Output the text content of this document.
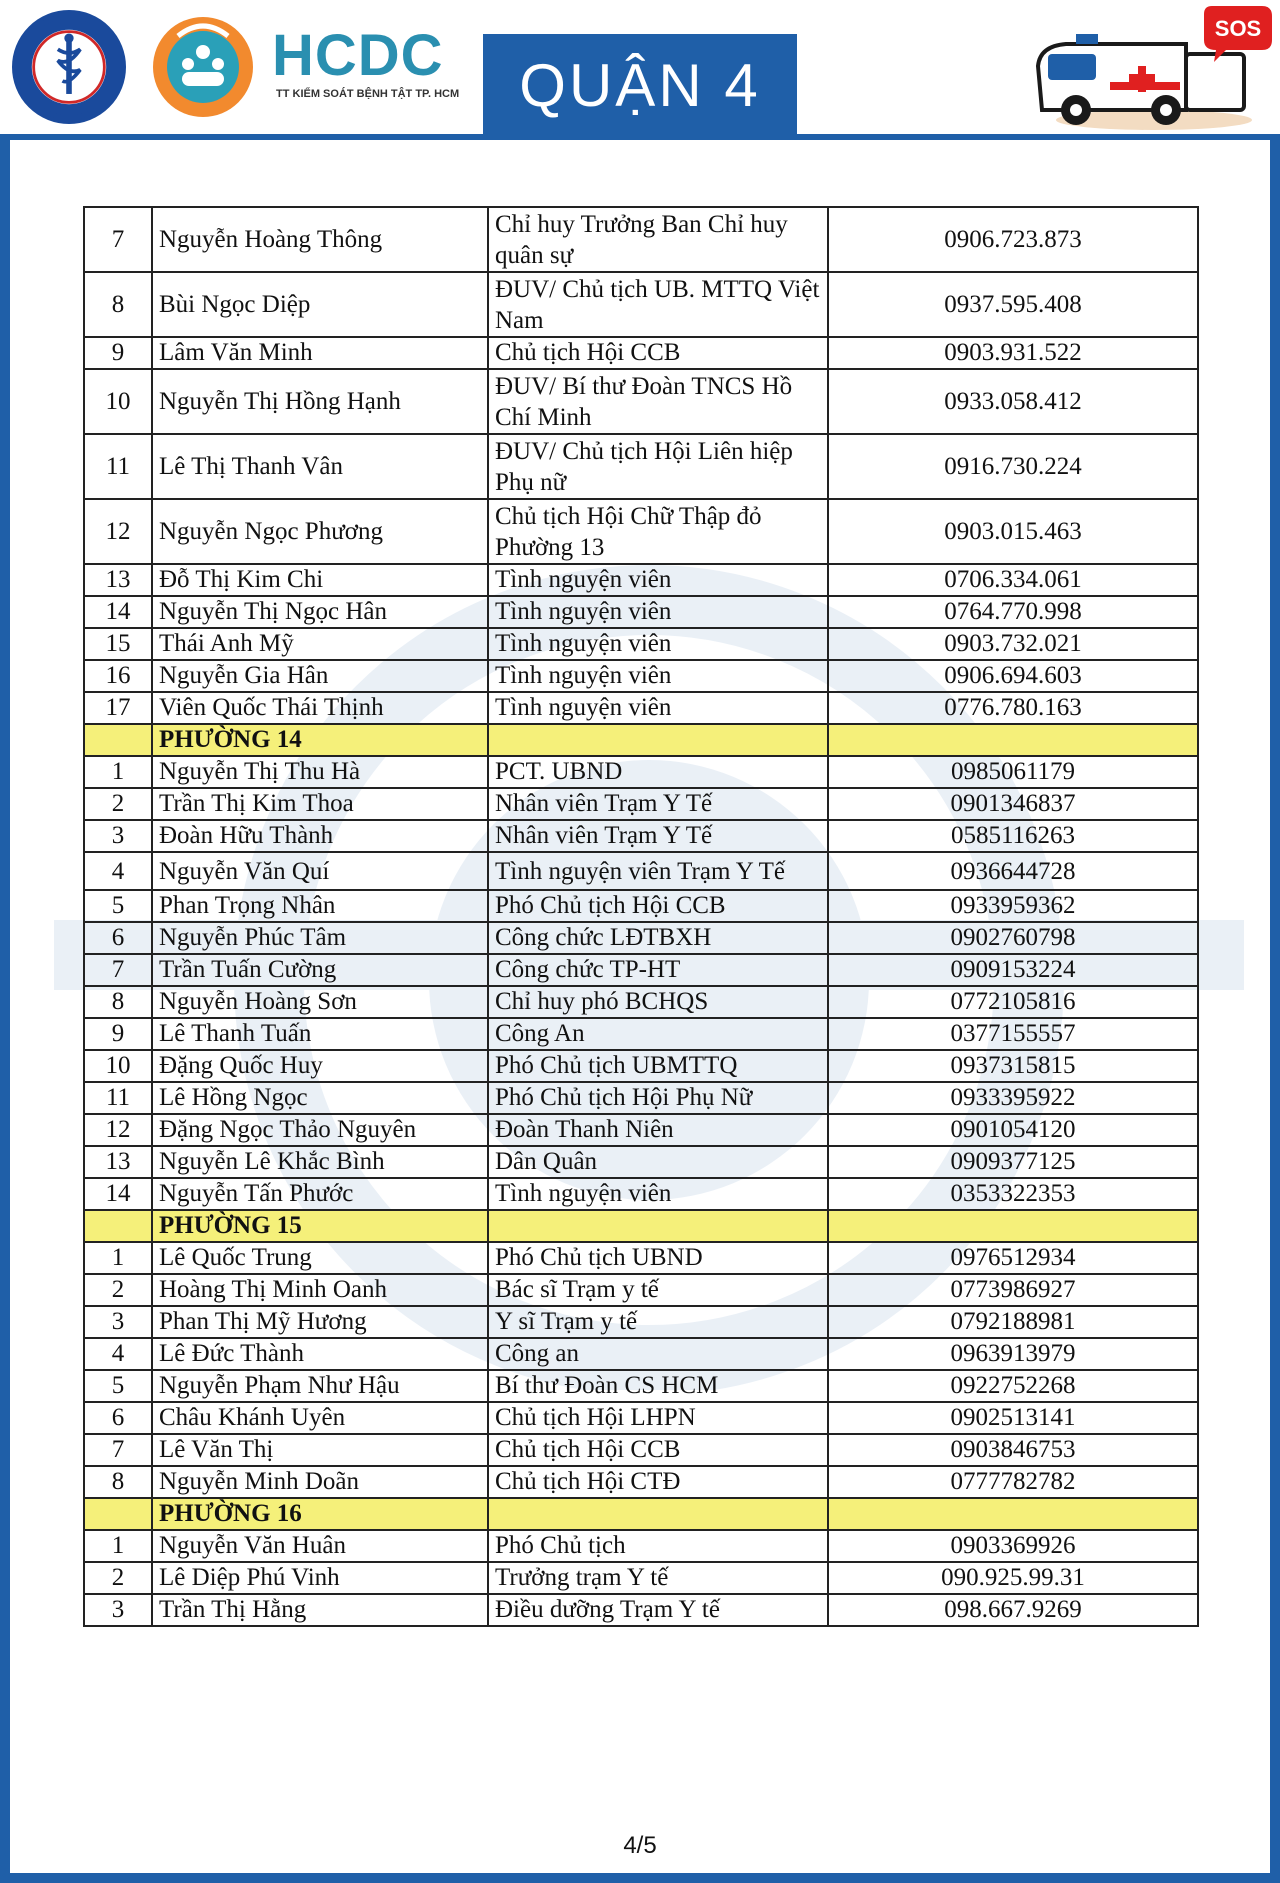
HCDC
TT KIỂM SOÁT BỆNH TẬT TP. HCM	QUẬN 4
SOS
7	Nguyễn Hoàng Thông	Chỉ huy Trưởng Ban Chỉ huy quân sự	0906.723.873
8	Bùi Ngọc Diệp	ĐUV/ Chủ tịch UB. MTTQ Việt Nam	0937.595.408
9	Lâm Văn Minh	Chủ tịch Hội CCB	0903.931.522
10	Nguyễn Thị Hồng Hạnh	ĐUV/ Bí thư Đoàn TNCS Hồ Chí Minh	0933.058.412
11	Lê Thị Thanh Vân	ĐUV/ Chủ tịch Hội Liên hiệp Phụ nữ	0916.730.224
12	Nguyễn Ngọc Phương	Chủ tịch Hội Chữ Thập đỏ Phường 13	0903.015.463
13	Đỗ Thị Kim Chi	Tình nguyện viên	0706.334.061
14	Nguyễn Thị Ngọc Hân	Tình nguyện viên	0764.770.998
15	Thái Anh Mỹ	Tình nguyện viên	0903.732.021
16	Nguyễn Gia Hân	Tình nguyện viên	0906.694.603
17	Viên Quốc Thái Thịnh	Tình nguyện viên	0776.780.163
	PHƯỜNG 14		
1	Nguyễn Thị Thu Hà	PCT. UBND	0985061179
2	Trần Thị Kim Thoa	Nhân viên Trạm Y Tế	0901346837
3	Đoàn Hữu Thành	Nhân viên Trạm Y Tế	0585116263
4	Nguyễn Văn Quí	Tình nguyện viên Trạm Y Tế	0936644728
5	Phan Trọng Nhân	Phó Chủ tịch Hội CCB	0933959362
6	Nguyễn Phúc Tâm	Công chức LĐTBXH	0902760798
7	Trần Tuấn Cường	Công chức TP-HT	0909153224
8	Nguyễn Hoàng Sơn	Chỉ huy phó BCHQS	0772105816
9	Lê Thanh Tuấn	Công An	0377155557
10	Đặng Quốc Huy	Phó Chủ tịch UBMTTQ	0937315815
11	Lê Hồng Ngọc	Phó Chủ tịch Hội Phụ Nữ	0933395922
12	Đặng Ngọc Thảo Nguyên	Đoàn Thanh Niên	0901054120
13	Nguyễn Lê Khắc Bình	Dân Quân	0909377125
14	Nguyễn Tấn Phước	Tình nguyện viên	0353322353
	PHƯỜNG 15		
1	Lê Quốc Trung	Phó Chủ tịch UBND	0976512934
2	Hoàng Thị Minh Oanh	Bác sĩ Trạm y tế	0773986927
3	Phan Thị Mỹ Hương	Y sĩ Trạm y tế	0792188981
4	Lê Đức Thành	Công an	0963913979
5	Nguyễn Phạm Như Hậu	Bí thư Đoàn CS HCM	0922752268
6	Châu Khánh Uyên	Chủ tịch Hội LHPN	0902513141
7	Lê Văn Thị	Chủ tịch Hội CCB	0903846753
8	Nguyễn Minh Doãn	Chủ tịch Hội CTĐ	0777782782
	PHƯỜNG 16		
1	Nguyễn Văn Huân	Phó Chủ tịch	0903369926
2	Lê Diệp Phú Vinh	Trưởng trạm Y tế	090.925.99.31
3	Trần Thị Hằng	Điều dưỡng Trạm Y tế	098.667.9269
4/5
